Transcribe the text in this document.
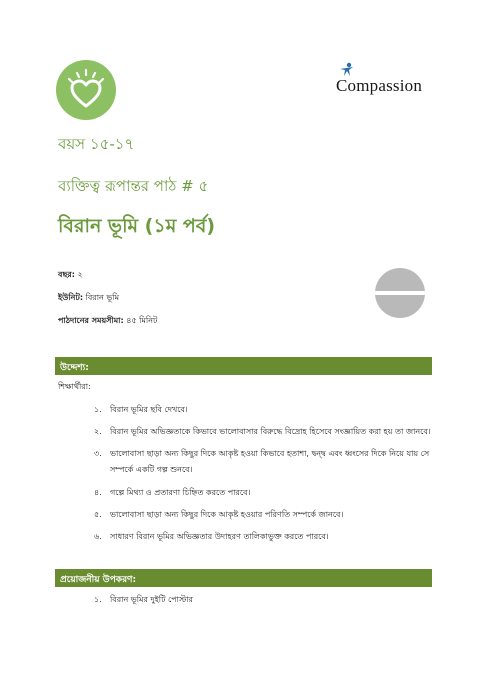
Compassion
বয়স ১৫-১৭
ব্যক্তিত্ব রূপান্তর পাঠ # ৫
বিরান ভূমি (১ম পর্ব)
বছর: ২
ইউনিট: বিরান ভূমি
পাঠদানের সময়সীমা: ৪৫ মিনিট
উদ্দেশ্য:
শিক্ষার্থীরা:
১. বিরান ভূমির ছবি দেখবে।
২. বিরান ভূমির অভিজ্ঞতাকে কিভাবে ভালোবাসার বিরুদ্ধে বিদ্রোহ হিসেবে সংজ্ঞায়িত করা হয় তা জানবে।
৩. ভালোবাসা ছাড়া অন্য কিছুর দিকে আকৃষ্ট হওয়া কিভাবে হতাশা, দ্বন্দ্ব এবং ধ্বংসের দিকে নিয়ে যায় সে সম্পর্কে একটি গল্প শুনবে।
৪. গল্পে মিথ্যা ও প্রতারণা চিহ্নিত করতে পারবে।
৫. ভালোবাসা ছাড়া অন্য কিছুর দিকে আকৃষ্ট হওয়ার পরিণতি সম্পর্কে জানবে।
৬. সাধারণ বিরান ভূমির অভিজ্ঞতার উদাহরণ তালিকাভুক্ত করতে পারবে।
প্রয়োজনীয় উপকরণ:
১. বিরান ভূমির দুইটি পোস্টার
